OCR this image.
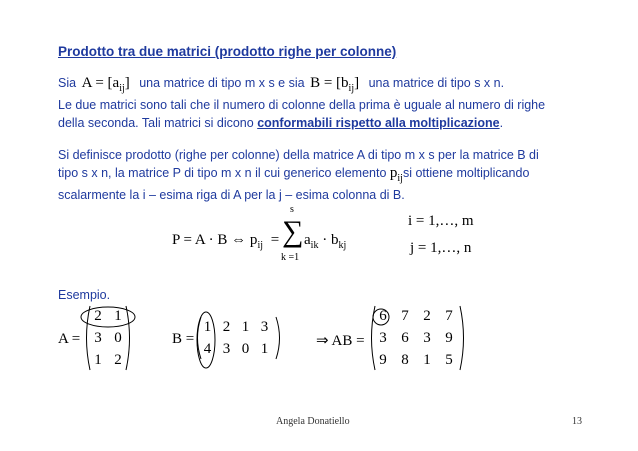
Prodotto tra due matrici (prodotto righe per colonne)
Sia $A = [a_{ij}]$ una matrice di tipo m x s e sia $B = [b_{ij}]$ una matrice di tipo s x n.
Le due matrici sono tali che il numero di colonne della prima è uguale al numero di righe
della seconda. Tali matrici si dicono conformabili rispetto alla moltiplicazione.
Si definisce prodotto (righe per colonne) della matrice A di tipo m x s per la matrice B di
tipo s x n, la matrice P di tipo m x n il cui generico elemento $p_{ij}si$ ottiene moltiplicando
scalarmente la i – esima riga di A per la j – esima colonna di B.
P = A · B ⇔ $p_{ij}$ =
s
∑
k =1
$a_{ik} \cdot b_{kj}$
i = 1,…, m
j = 1,…, n
Esempio.
A =
2 1
3 0
1 2
B =
1 2 1 3
4 3 0 1	⇒ AB =
6 7 2 7
3 6 3 9
9 8 1 5
Angela Donatiello	13
